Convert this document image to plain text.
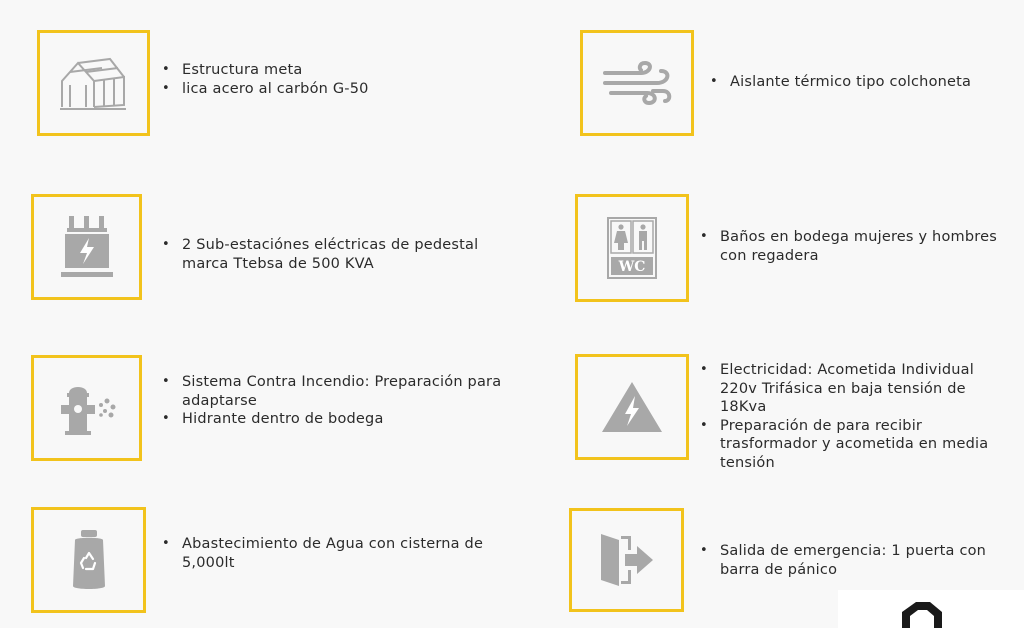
• Estructura meta
• lica acero al carbón G-50
•	Aislante térmico tipo colchoneta
• 2 Sub-estaciónes eléctricas de pedestal marca Ttebsa de 500 KVA	WC
• Baños en bodega mujeres y hombres con regadera
• Sistema Contra Incendio: Preparación para adaptarse
• Hidrante dentro de bodega
• Electricidad: Acometida Individual 220v Trifásica en baja tensión de 18Kva
• Preparación de para recibir trasformador y acometida en media tensión
• Abastecimiento de Agua con cisterna de 5,000lt
• Salida de emergencia: 1 puerta con barra de pánico
